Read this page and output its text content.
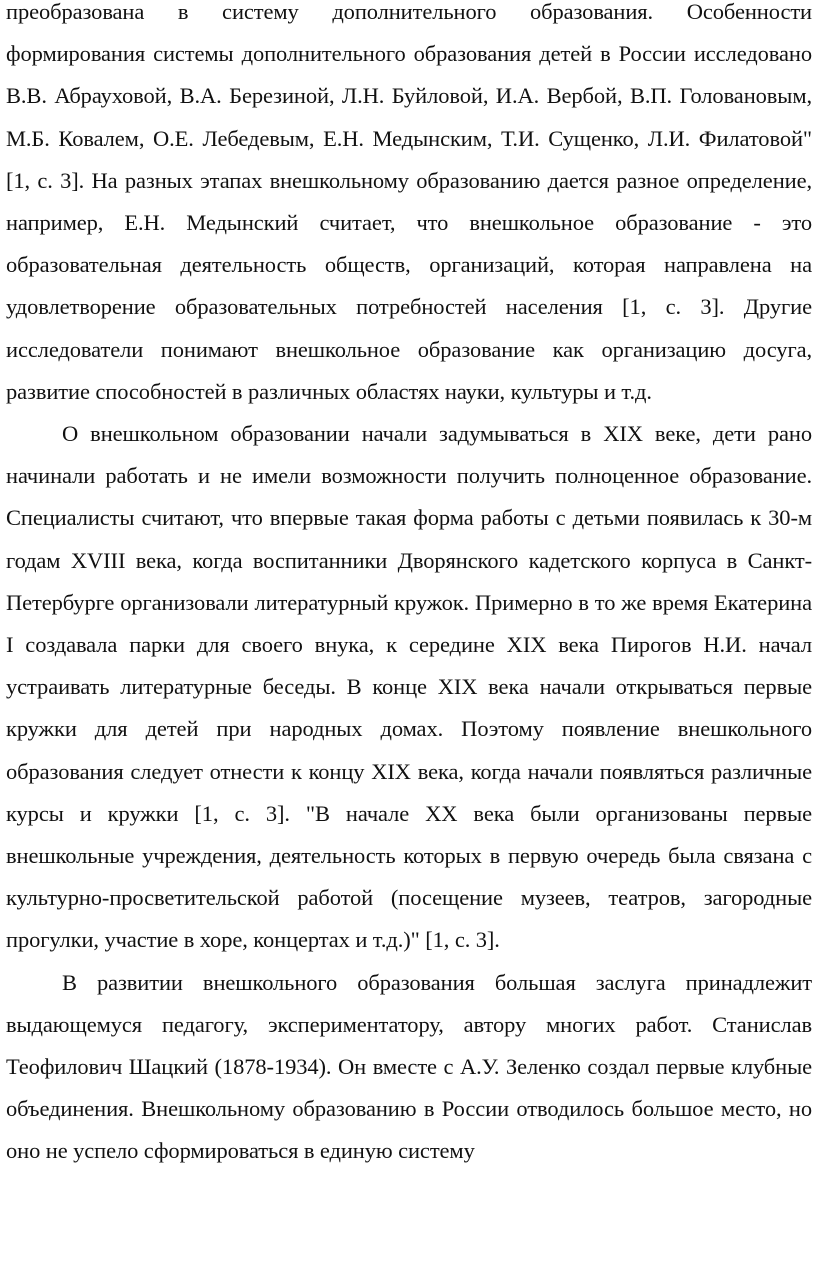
преобразована в систему дополнительного образования. Особенности формирования системы дополнительного образования детей в России исследовано В.В. Абрауховой, В.А. Березиной, Л.Н. Буйловой, И.А. Вербой, В.П. Головановым, М.Б. Ковалем, О.Е. Лебедевым, Е.Н. Медынским, Т.И. Сущенко, Л.И. Филатовой" [1, с. 3]. На разных этапах внешкольному образованию дается разное определение, например, Е.Н. Медынский считает, что внешкольное образование - это образовательная деятельность обществ, организаций, которая направлена на удовлетворение образовательных потребностей населения [1, с. 3]. Другие исследователи понимают внешкольное образование как организацию досуга, развитие способностей в различных областях науки, культуры и т.д.

О внешкольном образовании начали задумываться в XIX веке, дети рано начинали работать и не имели возможности получить полноценное образование. Специалисты считают, что впервые такая форма работы с детьми появилась к 30-м годам XVIII века, когда воспитанники Дворянского кадетского корпуса в Санкт-Петербурге организовали литературный кружок. Примерно в то же время Екатерина I создавала парки для своего внука, к середине XIX века Пирогов Н.И. начал устраивать литературные беседы. В конце XIX века начали открываться первые кружки для детей при народных домах. Поэтому появление внешкольного образования следует отнести к концу XIX века, когда начали появляться различные курсы и кружки [1, с. 3]. "В начале XX века были организованы первые внешкольные учреждения, деятельность которых в первую очередь была связана с культурно-просветительской работой (посещение музеев, театров, загородные прогулки, участие в хоре, концертах и т.д.)" [1, с. 3].

В развитии внешкольного образования большая заслуга принадлежит выдающемуся педагогу, экспериментатору, автору многих работ. Станислав Теофилович Шацкий (1878-1934). Он вместе с А.У. Зеленко создал первые клубные объединения. Внешкольному образованию в России отводилось большое место, но оно не успело сформироваться в единую систему
